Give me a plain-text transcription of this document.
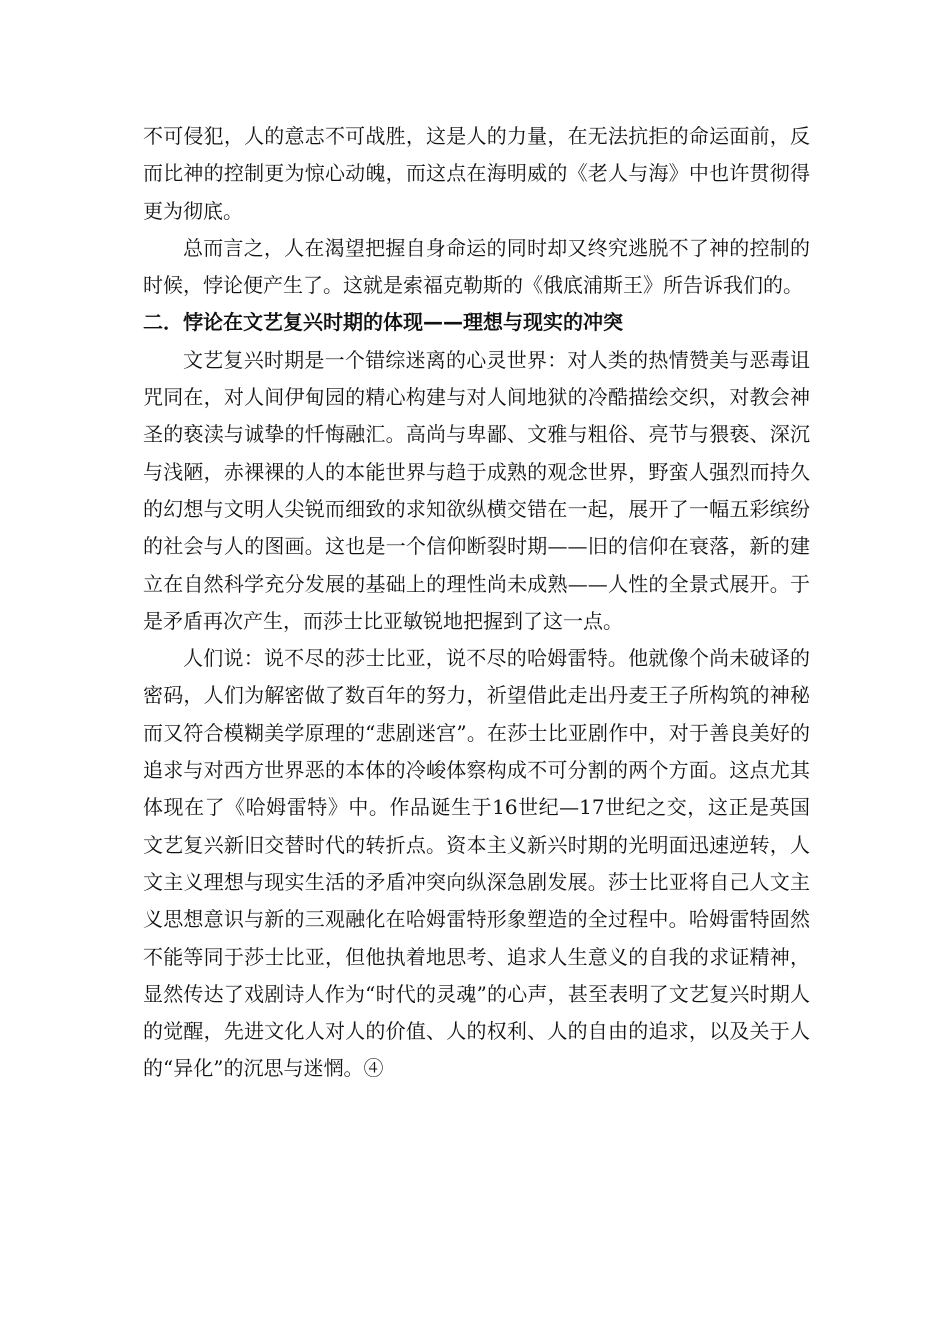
不可侵犯，人的意志不可战胜，这是人的力量，在无法抗拒的命运面前，反而比神的控制更为惊心动魄，而这点在海明威的《老人与海》中也许贯彻得更为彻底。

总而言之，人在渴望把握自身命运的同时却又终究逃脱不了神的控制的时候，悖论便产生了。这就是索福克勒斯的《俄底浦斯王》所告诉我们的。

二．悖论在文艺复兴时期的体现——理想与现实的冲突

文艺复兴时期是一个错综迷离的心灵世界：对人类的热情赞美与恶毒诅咒同在，对人间伊甸园的精心构建与对人间地狱的冷酷描绘交织，对教会神圣的亵渎与诚挚的忏悔融汇。高尚与卑鄙、文雅与粗俗、亮节与猥亵、深沉与浅陋，赤裸裸的人的本能世界与趋于成熟的观念世界，野蛮人强烈而持久的幻想与文明人尖锐而细致的求知欲纵横交错在一起，展开了一幅五彩缤纷的社会与人的图画。这也是一个信仰断裂时期——旧的信仰在衰落，新的建立在自然科学充分发展的基础上的理性尚未成熟——人性的全景式展开。于是矛盾再次产生，而莎士比亚敏锐地把握到了这一点。

人们说：说不尽的莎士比亚，说不尽的哈姆雷特。他就像个尚未破译的密码，人们为解密做了数百年的努力，祈望借此走出丹麦王子所构筑的神秘而又符合模糊美学原理的“悲剧迷宫”。在莎士比亚剧作中，对于善良美好的追求与对西方世界恶的本体的冷峻体察构成不可分割的两个方面。这点尤其体现在了《哈姆雷特》中。作品诞生于16世纪—17世纪之交，这正是英国文艺复兴新旧交替时代的转折点。资本主义新兴时期的光明面迅速逆转，人文主义理想与现实生活的矛盾冲突向纵深急剧发展。莎士比亚将自己人文主义思想意识与新的三观融化在哈姆雷特形象塑造的全过程中。哈姆雷特固然不能等同于莎士比亚，但他执着地思考、追求人生意义的自我的求证精神，显然传达了戏剧诗人作为“时代的灵魂”的心声，甚至表明了文艺复兴时期人的觉醒，先进文化人对人的价值、人的权利、人的自由的追求，以及关于人的“异化”的沉思与迷惘。④
